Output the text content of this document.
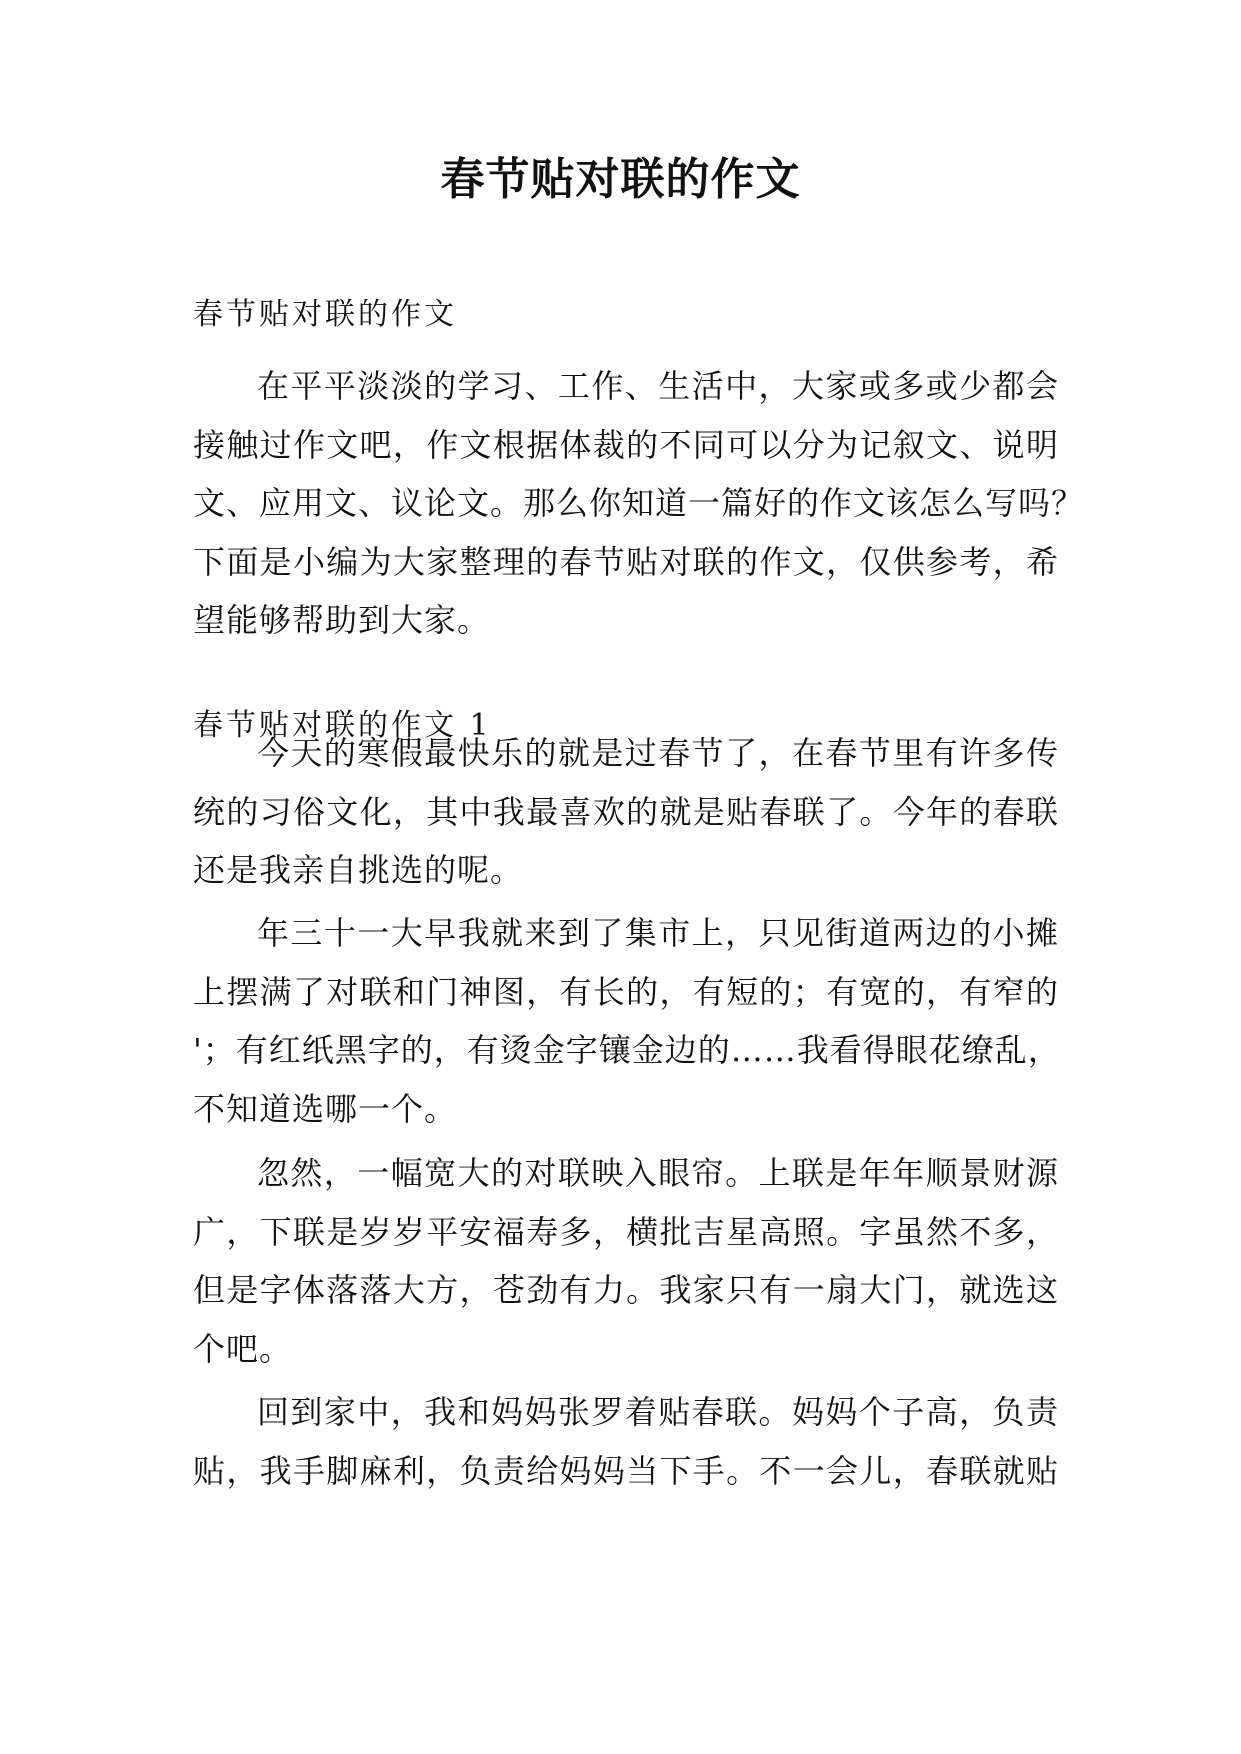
春节贴对联的作文
春节贴对联的作文
在平平淡淡的学习、工作、生活中，大家或多或少都会
接触过作文吧，作文根据体裁的不同可以分为记叙文、说明
文、应用文、议论文。那么你知道一篇好的作文该怎么写吗？
下面是小编为大家整理的春节贴对联的作文，仅供参考，希
望能够帮助到大家。
春节贴对联的作文 1
今天的寒假最快乐的就是过春节了，在春节里有许多传
统的习俗文化，其中我最喜欢的就是贴春联了。今年的春联
还是我亲自挑选的呢。
年三十一大早我就来到了集市上，只见街道两边的小摊
上摆满了对联和门神图，有长的，有短的；有宽的，有窄的
'；有红纸黑字的，有烫金字镶金边的……我看得眼花缭乱，
不知道选哪一个。
忽然，一幅宽大的对联映入眼帘。上联是年年顺景财源
广，下联是岁岁平安福寿多，横批吉星高照。字虽然不多，
但是字体落落大方，苍劲有力。我家只有一扇大门，就选这
个吧。
回到家中，我和妈妈张罗着贴春联。妈妈个子高，负责
贴，我手脚麻利，负责给妈妈当下手。不一会儿，春联就贴
